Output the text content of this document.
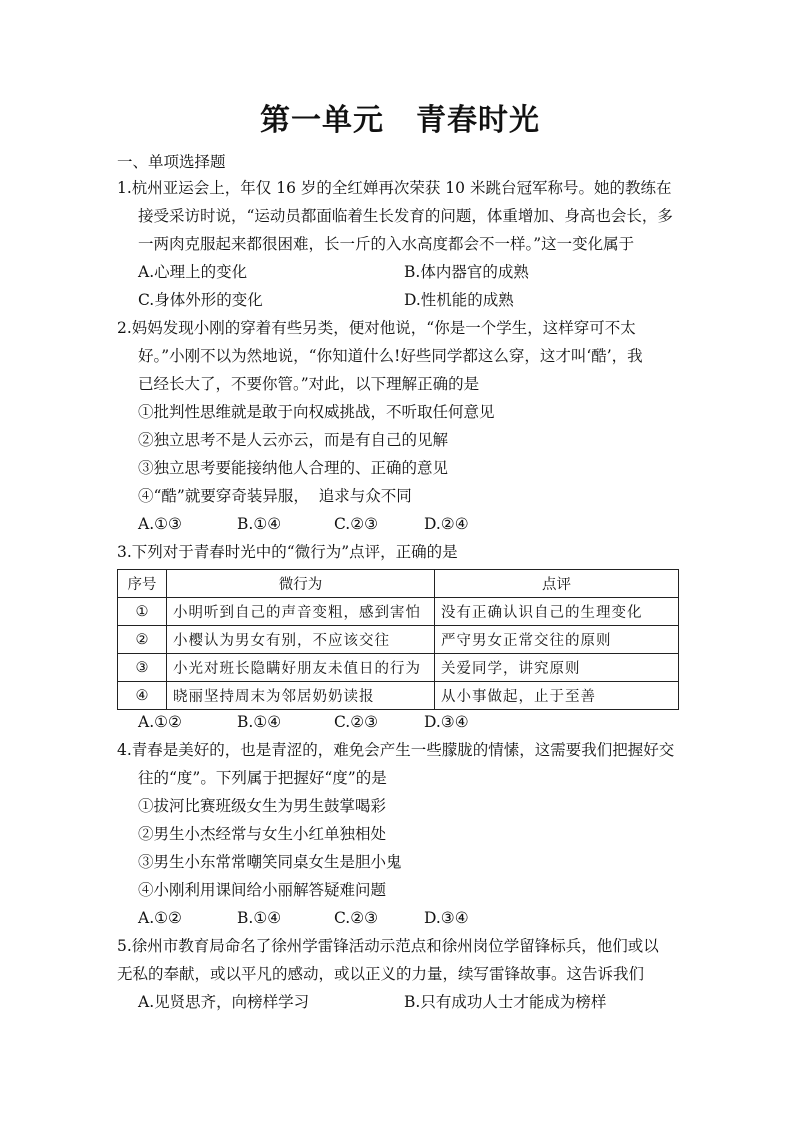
第一单元 青春时光
一、单项选择题
1.杭州亚运会上，年仅 16 岁的全红婵再次荣获 10 米跳台冠军称号。她的教练在
接受采访时说，“运动员都面临着生长发育的问题，体重增加、身高也会长，多
一两肉克服起来都很困难，长一斤的入水高度都会不一样。”这一变化属于
A.心理上的变化	B.体内器官的成熟
C.身体外形的变化	D.性机能的成熟
2.妈妈发现小刚的穿着有些另类，便对他说，“你是一个学生，这样穿可不太
好。”小刚不以为然地说，“你知道什么!好些同学都这么穿，这才叫‘酷’，我
已经长大了，不要你管。”对此，以下理解正确的是
①批判性思维就是敢于向权威挑战，不听取任何意见
②独立思考不是人云亦云，而是有自己的见解
③独立思考要能接纳他人合理的、正确的意见
④“酷”就要穿奇装异服，  追求与众不同
A.①③	B.①④	C.②③	D.②④
3.下列对于青春时光中的“微行为”点评，正确的是
序号	微行为	点评
①	小明听到自己的声音变粗，感到害怕	没有正确认识自己的生理变化
②	小樱认为男女有别，不应该交往	严守男女正常交往的原则
③	小光对班长隐瞒好朋友未值日的行为	关爱同学，讲究原则
④	晓丽坚持周末为邻居奶奶读报	从小事做起，止于至善
A.①②	B.①④	C.②③	D.③④
4.青春是美好的，也是青涩的，难免会产生一些朦胧的情愫，这需要我们把握好交
往的“度”。下列属于把握好“度”的是
①拔河比赛班级女生为男生鼓掌喝彩
②男生小杰经常与女生小红单独相处
③男生小东常常嘲笑同桌女生是胆小鬼
④小刚利用课间给小丽解答疑难问题
A.①②	B.①④	C.②③	D.③④
5.徐州市教育局命名了徐州学雷锋活动示范点和徐州岗位学留锋标兵，他们或以
无私的奉献，或以平凡的感动，或以正义的力量，续写雷锋故事。这告诉我们
A.见贤思齐，向榜样学习	B.只有成功人士才能成为榜样
